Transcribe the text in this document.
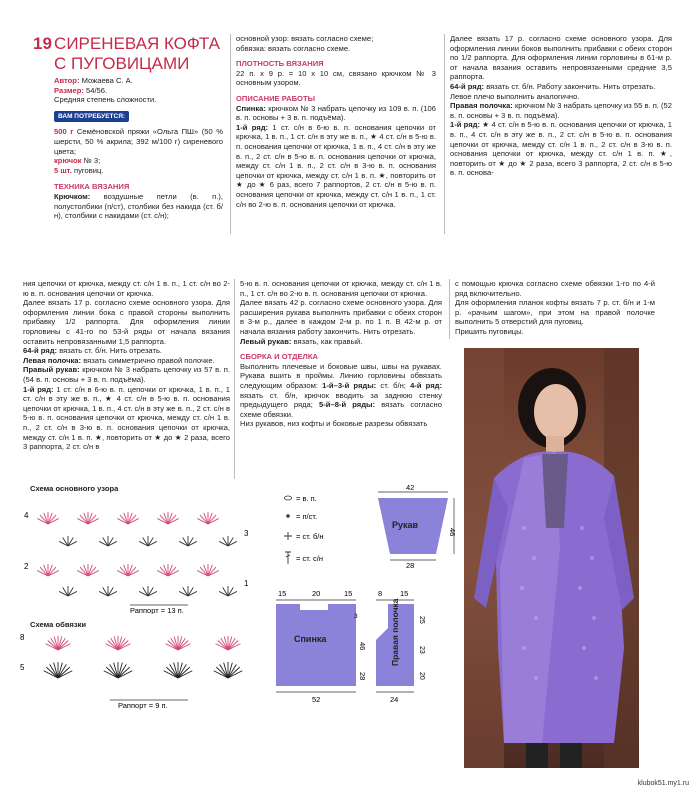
19 СИРЕНЕВАЯ КОФТА
С ПУГОВИЦАМИ
Автор: Можаева С. А.
Размер: 54/56.
Средняя степень сложности.
ВАМ ПОТРЕБУЕТСЯ:

500 г Семёновской пряжи «Ольга ПШ» (50 % шерсти, 50 % акрила; 392 м/100 г) сиреневого цвета;

крючок № 3;

5 шт. пуговиц.

ТЕХНИКА ВЯЗАНИЯ

Крючком: воздушные петли (в. п.), полустолбики (п/ст), столбики без накида (ст. б/н), столбики с накидами (ст. с/н);

основной узор: вязать согласно схеме;

обвязка: вязать согласно схеме.

ПЛОТНОСТЬ ВЯЗАНИЯ

22 п. х 9 р. = 10 х 10 см, связано крючком № 3 основным узором.

ОПИСАНИЕ РАБОТЫ

Спинка: крючком № 3 набрать цепочку из 109 в. п. (106 в. п. основы + 3 в. п. подъёма).

1-й ряд: 1 ст. с/н в 6-ю в. п. основания цепочки от крючка, 1 в. п., 1 ст. с/н в эту же в. п., ★ 4 ст. с/н в 5-ю в. п. основания цепочки от крючка, 1 в. п., 4 ст. с/н в эту же в. п., 2 ст. с/н в 5-ю в. п. основания цепочки от крючка, между ст. с/н 1 в. п., 2 ст. с/н в 3-ю в. п. основания цепочки от крючка, между ст. с/н 1 в. п. ★, повторить от ★ до ★ 6 раз, всего 7 раппортов, 2 ст. с/н в 5-ю в. п. основания цепочки от крючка, между ст. с/н 1 в. п., 1 ст. с/н во 2-ю в. п. основания цепочки от крючка.

Далее вязать 17 р. согласно схеме основного узора. Для оформления линии боков выполнить прибавки с обеих сторон по 1/2 раппорта. Для оформления линии горловины в 61-м р. от начала вязания оставить непровязанными средние 3,5 раппорта.

64-й ряд: вязать ст. б/н. Работу закончить. Нить отрезать.

Левое плечо выполнить аналогично.

Правая полочка: крючком № 3 набрать цепочку из 55 в. п. (52 в. п. основы + 3 в. п. подъёма).

1-й ряд: ★ 4 ст. с/н в 5-ю в. п. основания цепочки от крючка, 1 в. п., 4 ст. с/н в эту же в. п., 2 ст. с/н в 5-ю в. п. основания цепочки от крючка, между ст. с/н 1 в. п., 2 ст. с/н в 3-ю в. п. основания цепочки от крючка, между ст. с/н 1 в. п. ★, повторить от ★ до ★ 2 раза, всего 3 раппорта, 2 ст. с/н в 5-ю в. п. основа-

ния цепочки от крючка, между ст. с/н 1 в. п., 1 ст. с/н во 2-ю в. п. основания цепочки от крючка.

Далее вязать 17 р. согласно схеме основного узора. Для оформления линии бока с правой стороны выполнить прибавку 1/2 раппорта. Для оформления линии горловины с 41-го по 53-й ряды от начала вязания оставить непровязанными 1,5 раппорта.

64-й ряд: вязать ст. б/н. Нить отрезать.

Левая полочка: вязать симметрично правой полочке.

Правый рукав: крючком № 3 набрать цепочку из 57 в. п. (54 в. п. основы + 3 в. п. подъёма).

1-й ряд: 1 ст. с/н в 6-ю в. п. цепочки от крючка, 1 в. п., 1 ст. с/н в эту же в. п., ★ 4 ст. с/н в 5-ю в. п. основания цепочки от крючка, 1 в. п., 4 ст. с/н в эту же в. п., 2 ст. с/н в 5-ю в. п. основания цепочки от крючка, между ст. с/н 1 в. п., 2 ст. с/н в 3-ю в. п. основания цепочки от крючка, между ст. с/н 1 в. п. ★, повторить от ★ до ★ 2 раза, всего 3 раппорта, 2 ст. с/н в

5-ю в. п. основания цепочки от крючка, между ст. с/н 1 в. п., 1 ст. с/н во 2-ю в. п. основания цепочки от крючка.

Далее вязать 42 р. согласно схеме основного узора. Для расширения рукава выполнить прибавки с обеих сторон в 3-м р., далее в каждом 2-м р. по 1 п. В 42-м р. от начала вязания работу закончить. Нить отрезать.

Левый рукав: вязать, как правый.

СБОРКА И ОТДЕЛКА

Выполнить плечевые и боковые швы, швы на рукавах. Рукава вшить в проймы. Линию горловины обвязать следующим образом: 1-й–3-й ряды: ст. б/н; 4-й ряд: вязать ст. б/н, крючок вводить за заднюю стенку предыдущего ряда; 5-й–8-й ряды: вязать согласно схеме обвязки.

Низ рукавов, низ кофты и боковые разрезы обвязать

с помощью крючка согласно схеме обвязки 1-го по 4-й ряд включительно.

Для оформления планок кофты вязать 7 р. ст. б/н и 1-м р. «рачьим шагом», при этом на правой полочке выполнить 5 отверстий для пуговиц.

Пришить пуговицы.

Схема основного узора
4
3
2
1
Раппорт = 13 п.
= в. п.
= п/ст.
= ст. б/н
= ст. с/н
Схема обвязки
8
5
Раппорт = 9 п.
42
Рукав
46
28
15	20	15
Спинка
3
46
28
52
8 15
Правая полочка	25
23
20
24
klubok51.my1.ru
